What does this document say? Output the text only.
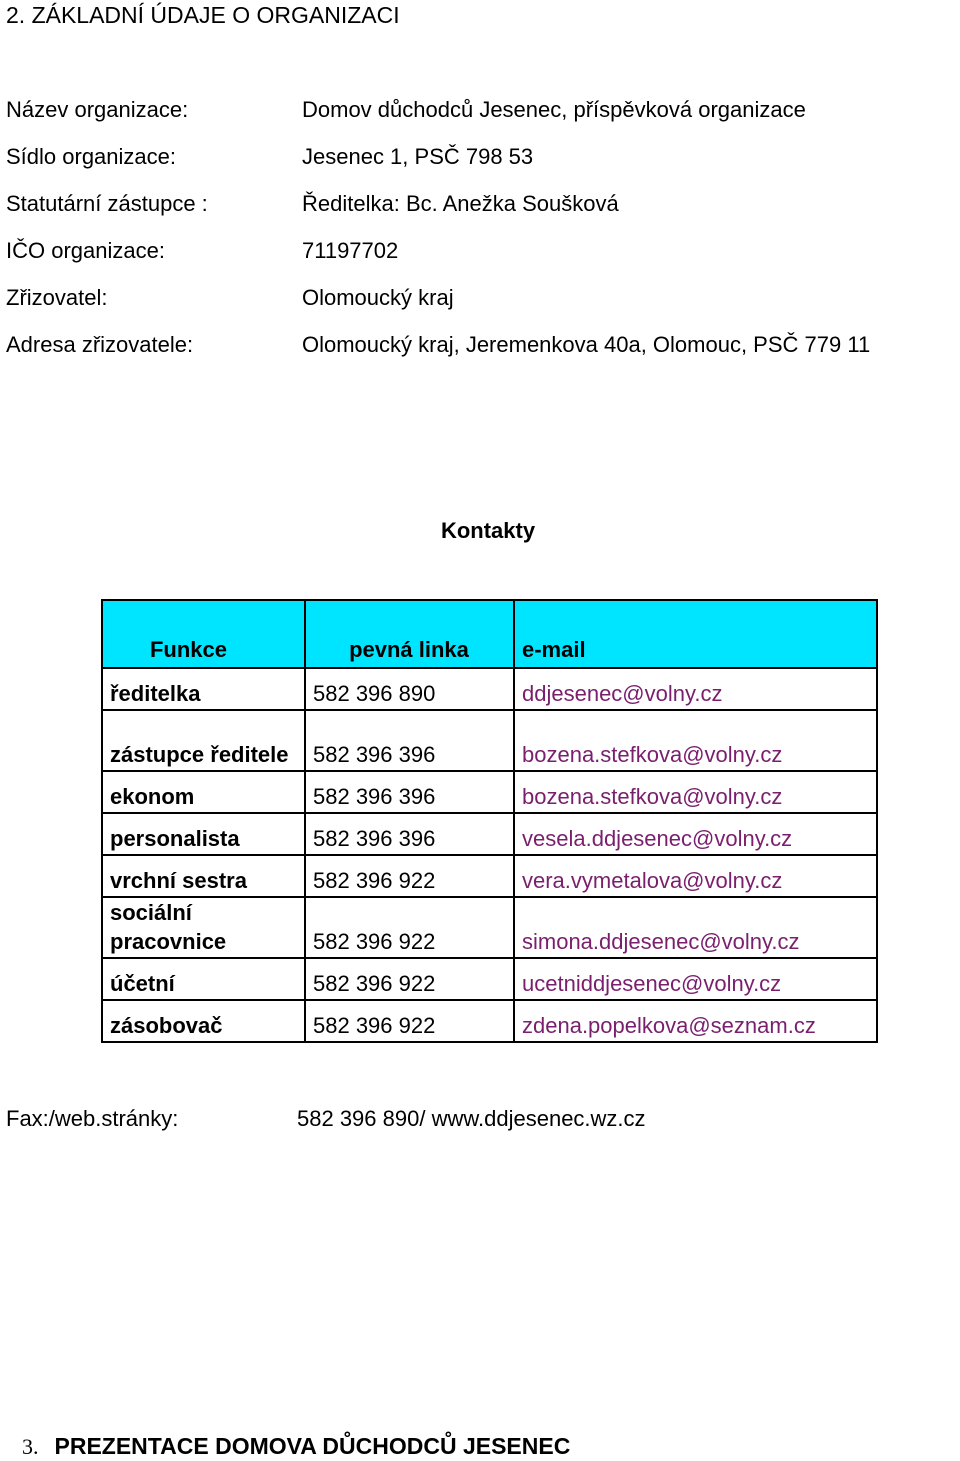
2. ZÁKLADNÍ ÚDAJE O ORGANIZACI
Název organizace:	Domov důchodců Jesenec, příspěvková organizace
Sídlo organizace:	Jesenec 1, PSČ 798 53
Statutární zástupce :	Ředitelka: Bc. Anežka Soušková
IČO organizace:	71197702
Zřizovatel:	Olomoucký kraj
Adresa zřizovatele:	Olomoucký kraj, Jeremenkova 40a, Olomouc, PSČ 779 11
Kontakty
Funkce	pevná linka	e-mail
ředitelka	582 396 890	ddjesenec@volny.cz
zástupce ředitele	582 396 396	bozena.stefkova@volny.cz
ekonom	582 396 396	bozena.stefkova@volny.cz
personalista	582 396 396	vesela.ddjesenec@volny.cz
vrchní sestra	582 396 922	vera.vymetalova@volny.cz
sociální pracovnice	582 396 922	simona.ddjesenec@volny.cz
účetní	582 396 922	ucetniddjesenec@volny.cz
zásobovač	582 396 922	zdena.popelkova@seznam.cz
Fax:/web.stránky:	582 396 890/ www.ddjesenec.wz.cz
3. PREZENTACE DOMOVA DŮCHODCŮ JESENEC
